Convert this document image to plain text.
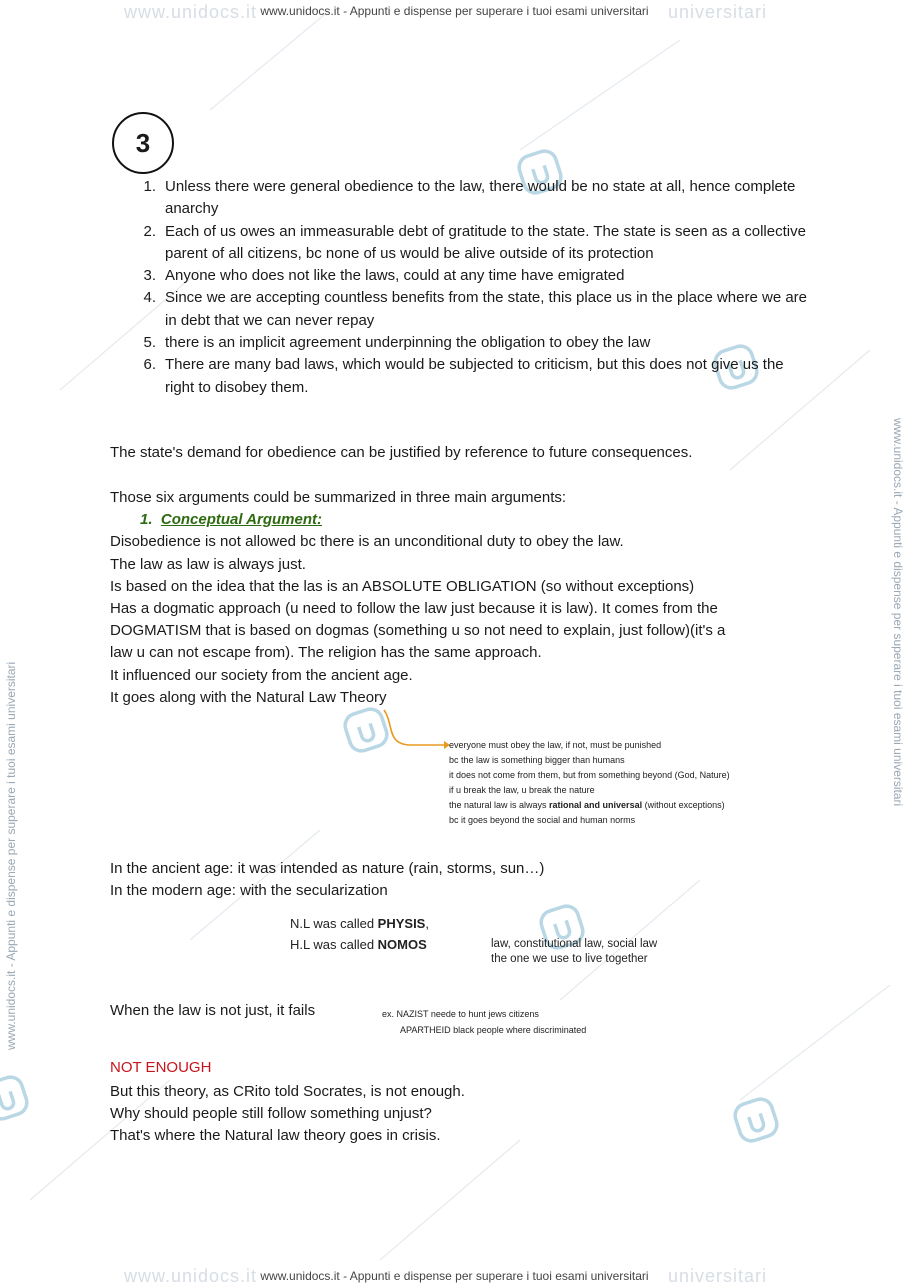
www.unidocs.it	universitari
www.unidocs.it - Appunti e dispense per superare i tuoi esami universitari
www.unidocs.it	universitari
www.unidocs.it - Appunti e dispense per superare i tuoi esami universitari
www.unidocs.it - Appunti e dispense per superare i tuoi esami universitari
www.unidocs.it - Appunti e dispense per superare i tuoi esami universitari
3
1. Unless there were general obedience to the law, there would be no state at all, hence complete anarchy
2. Each of us owes an immeasurable debt of gratitude to the state. The state is seen as a collective parent of all citizens, bc none of us would be alive outside of its protection
3. Anyone who does not like the laws, could at any time have emigrated
4. Since we are accepting countless benefits from the state, this place us in the place where we are in debt that we can never repay
5. there is an implicit agreement underpinning the obligation to obey the law
6. There are many bad laws, which would be subjected to criticism, but this does not give us the right to disobey them.
The state's demand for obedience can be justified by reference to future consequences.
Those six arguments could be summarized in three main arguments:
1. Conceptual Argument:
Disobedience is not allowed bc there is an unconditional duty to obey the law.
The law as law is always just.
Is based on the idea that the las is an ABSOLUTE OBLIGATION (so without exceptions)
Has a dogmatic approach (u need to follow the law just because it is law). It comes from the
DOGMATISM that is based on dogmas (something u so not need to explain, just follow)(it's a
law u can not escape from). The religion has the same approach.
It influenced our society from the ancient age.
It goes along with the Natural Law Theory
everyone must obey the law, if not, must be punished
bc the law is something bigger than humans
it does not come from them, but from something beyond (God, Nature)
if u break the law, u break the nature
the natural law is always rational and universal (without exceptions)
bc it goes beyond the social and human norms
In the ancient age: it was intended as nature (rain, storms, sun…)
In the modern age: with the secularization
N.L was called PHYSIS,
H.L was called NOMOS	law, constitutional law, social law
the one we use to live together
When the law is not just, it fails	ex. NAZIST neede to hunt jews citizens
APARTHEID black people where discriminated
NOT ENOUGH
But this theory, as CRito told Socrates, is not enough.
Why should people still follow something unjust?
That's where the Natural law theory goes in crisis.
